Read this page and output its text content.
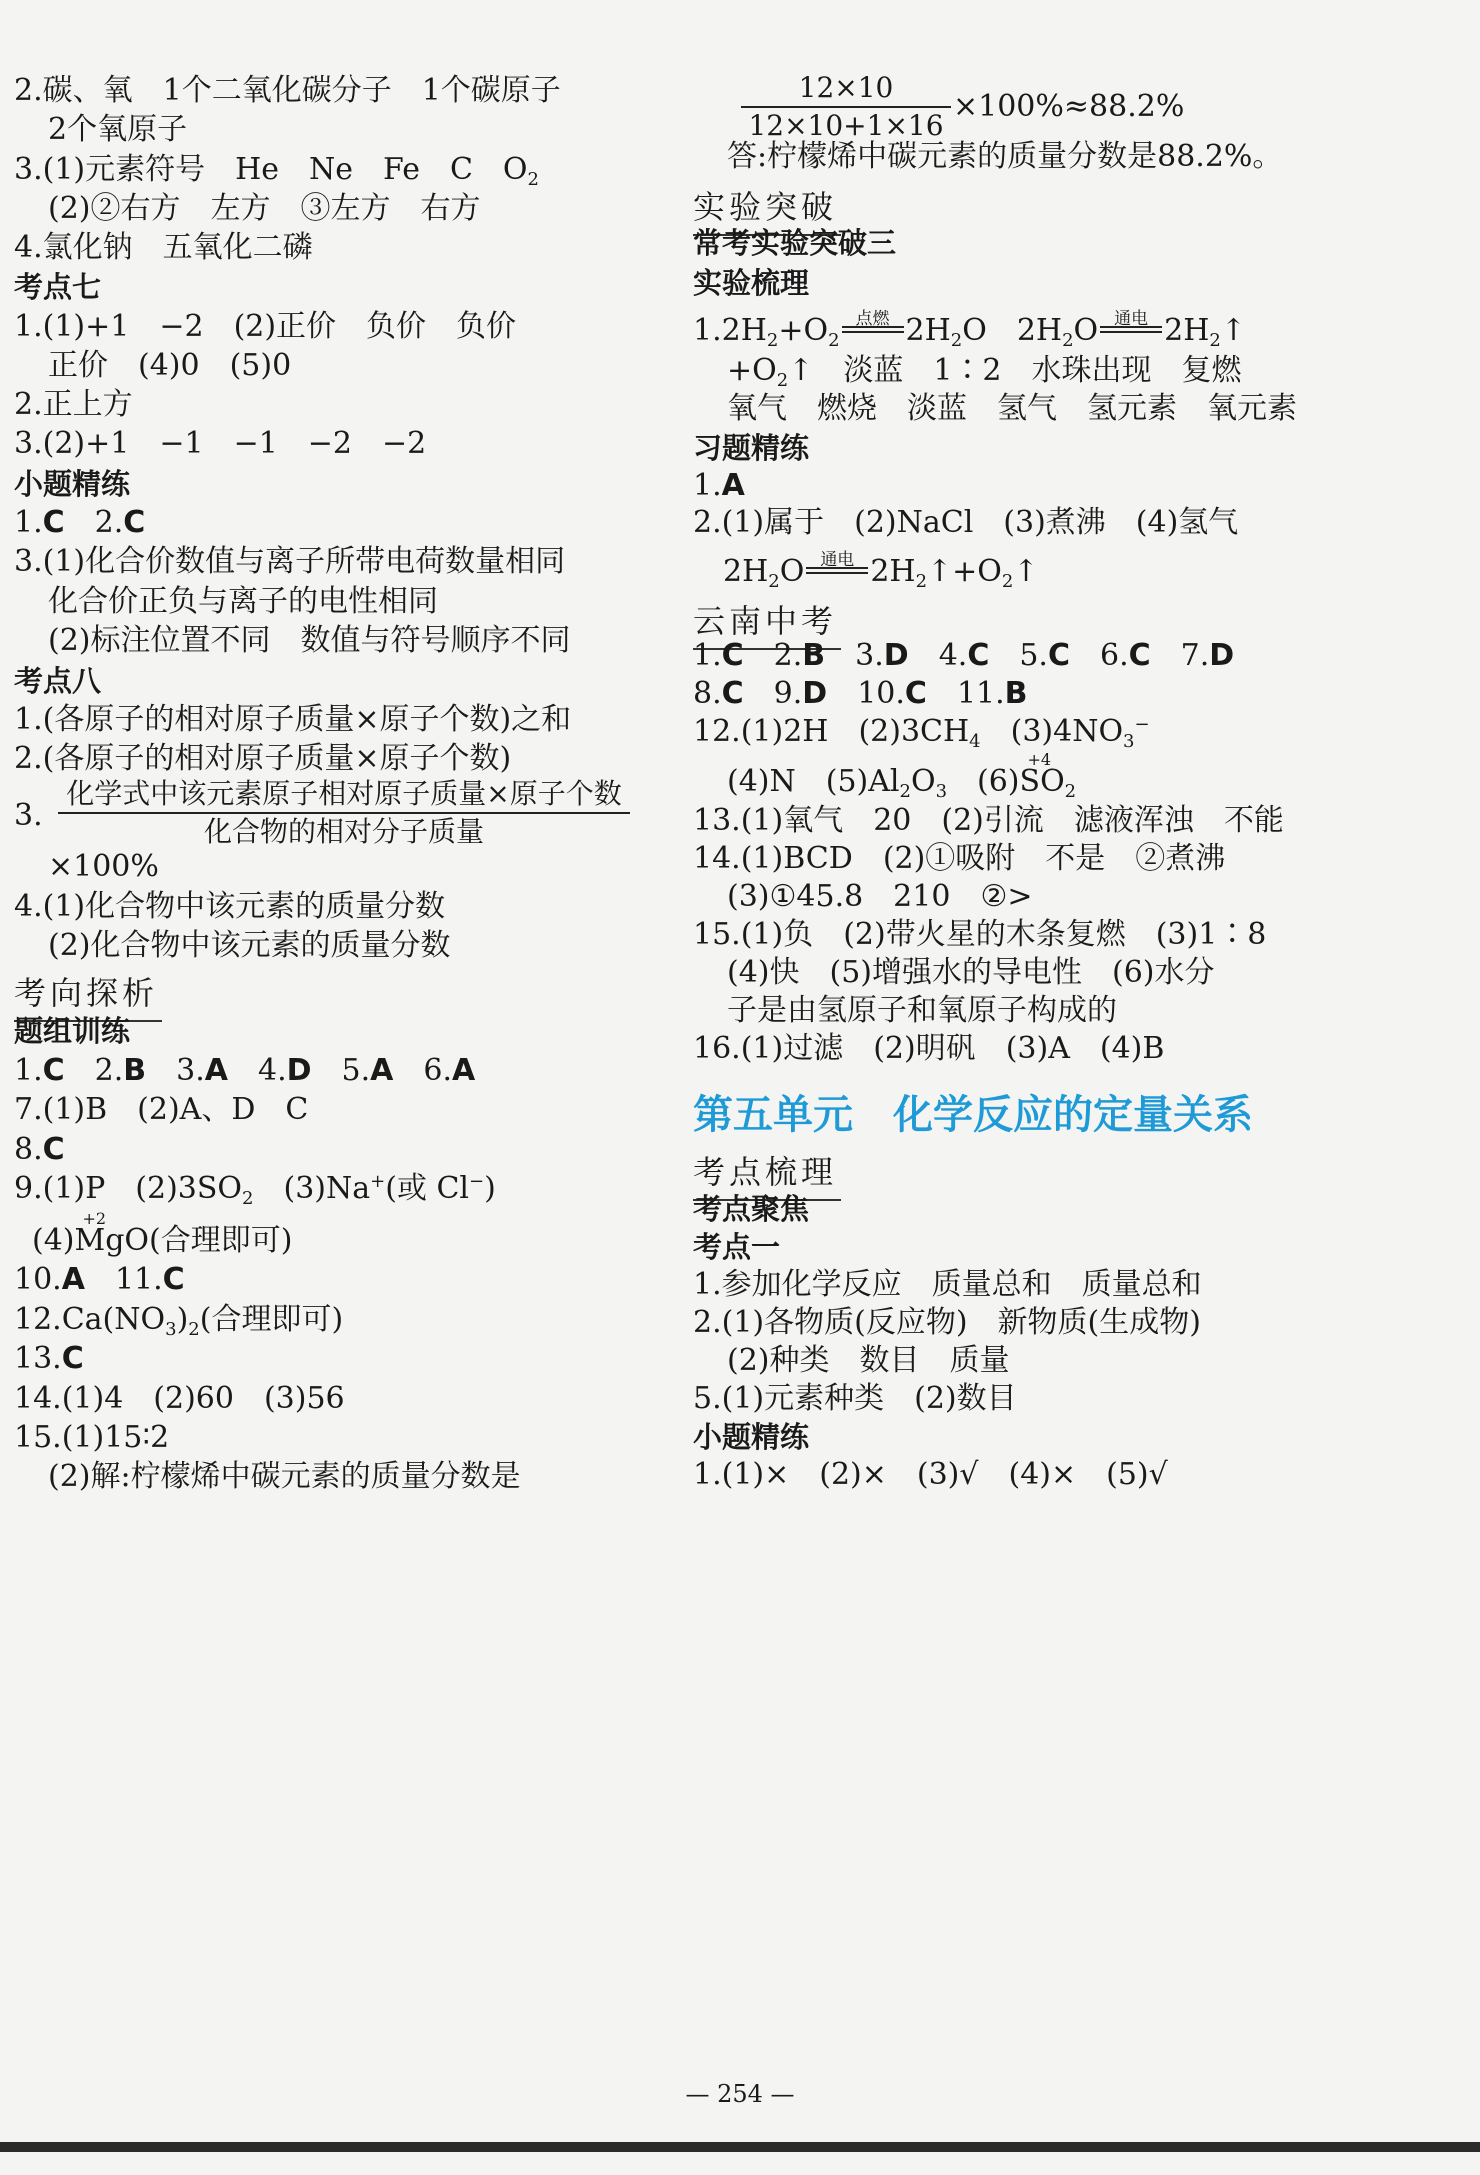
2.碳、氧　1个二氧化碳分子　1个碳原子
2个氧原子
3.(1)元素符号　He　Ne　Fe　C　$O_2$
(2)②右方　左方　③左方　右方
4.氯化钠　五氧化二磷
考点七
1.(1)+1　−2　(2)正价　负价　负价
正价　(4)0　(5)0
2.正上方
3.(2)+1　−1　−1　−2　−2
小题精练
1.C　 2.C
3.(1)化合价数值与离子所带电荷数量相同
化合价正负与离子的电性相同
(2)标注位置不同　数值与符号顺序不同
考点八
1.(各原子的相对原子质量×原子个数)之和
2.(各原子的相对原子质量×原子个数)
3.
化学式中该元素原子相对原子质量×原子个数
化合物的相对分子质量
×100%
4.(1)化合物中该元素的质量分数
(2)化合物中该元素的质量分数
考向探析
题组训练
1.C　 2.B　 3.A　 4.D　 5.A　 6.A
7.(1)B　(2)A、D　C
8.C
9.(1)P　$(2)3SO_2$　(3)Na+(或 Cl−)
(4)
+2
MgO(合理即可)
10.A　 11.C
$12.Ca(NO_3)_2$(合理即可)
13.C
14.(1)4　(2)60　(3)56
15.(1)15∶2
(2)解:柠檬烯中碳元素的质量分数是
12×10
12×10+1×16
×100%≈88.2%
答:柠檬烯中碳元素的质量分数是88.2%。
实验突破
常考实验突破三
实验梳理
$1.2H_2+O_2$
点燃 $2H_2O$　$2H_2O$ 通电 $2H_2↑$
$+O_2↑$　淡蓝　1∶2　水珠出现　复燃
氧气　燃烧　淡蓝　氢气　氢元素　氧元素
习题精练
1.A
2.(1)属于　(2)NaCl　(3)煮沸　(4)氢气
$2H_2O$ 通电 $2H_2↑+O_2↑$
云南中考
1.C　 2.B　 3.D　 4.C　 5.C　 6.C　 7.D
8.C　 9.D　 10.C　 11.B
12.(1)2H　$(2)3CH_4$　$(3)4NO_3^-$
(4)N　$(5)Al_2O_3$　(6)
+4
$SO_2$
13.(1)氧气　20　(2)引流　滤液浑浊　不能
14.(1)BCD　(2)①吸附　不是　②煮沸
(3)①45.8　210　②>
15.(1)负　(2)带火星的木条复燃　(3)1∶8
(4)快　(5)增强水的导电性　(6)水分
子是由氢原子和氧原子构成的
16.(1)过滤　(2)明矾　(3)A　(4)B
第五单元　化学反应的定量关系
考点梳理
考点聚焦
考点一
1.参加化学反应　质量总和　质量总和
2.(1)各物质(反应物)　新物质(生成物)
(2)种类　数目　质量
5.(1)元素种类　(2)数目
小题精练
1.(1)×　(2)×　(3)√　(4)×　(5)√
— 254 —
